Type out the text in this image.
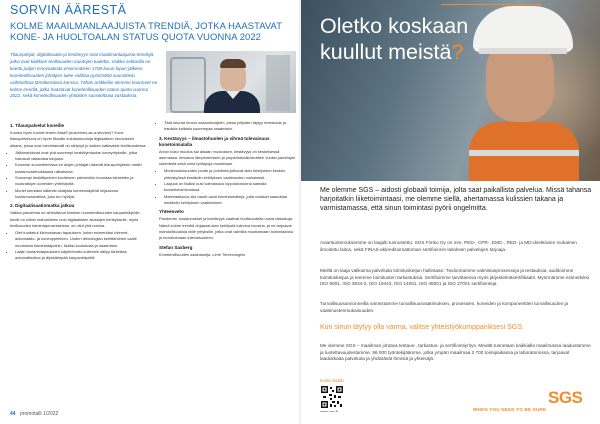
SORVIN ÄÄRESTÄ
KOLME MAAILMANLAAJUISTA TRENDIÄ, JOTKA HAASTAVAT KONE- JA HUOLTOALAN STATUS QUOTA VUONNA 2022
Tilauspohjat, digitalisaatio ja kestävyys ovat maailmanlaajuisia trendejä, jotka ovat kaikkien teollisuuden muotojen tuuletta. Vaikka sektorilla on koettu paljon innovaatioita ensimmäisen 1700-luvun lopun jälkeen, koneteollisuuden johtajien tulee valittaa pyörimättä suunnittelu vaihtoehtoa tämäkertaista kanssa. Tähän artikkeliin olemme koonneet ne kolme trendiä, jotka haastavat koneteollisuuden status quota vuonna 2022, sekä koneteollisuuden yhtiöiden suositeltavia vastauksia.
1. Tilauspalvelut koneille

Kuinka hyvin tunnet termin MaaS (machines-as-a-service)? Kone tilauspalveluna on hyvin fiksuttu kulutusmuotoja digitaalisen muutoksen aikana, jossa uusi toimintamalli on siirtynyt jo kaiken kattavaksi teollisuudessa.

• Jälkimarkkinat ovat yhä suurempi keskittymisalue koneyrityksille, jotka haluavat vakauttaa tulojaan.
• Kolonian suunnitelmissa eri alojen johtajat näkevät tilauspohjaisen mallin kustannustehokkaana ratkaisuna.
• Suurempi keskittyminen kuviteinen palveluihin korostaa kiinteiden ja vuokrattujen koneiden yhteistyötä.
• Monet toimialat näkevät ostajista koneenkäyttöä ohjaavana kustannusmallina, joka tuo hyötyä.
2. Digitaalisaatiomatka jatkuu

Vaikka pandemia on aiheuttanut kiireisen koneteollisuuden kaupankäytölle, kevät on silloin mahdollinen uusi digitaalisten alustojen kehitykselle, myös teollisuuden toimintaprosesseissa, on ollut yhä nostoa.

• Olet tuottanut kiinnostavan tapauksen, kuten esimerkiksi internet, automaatio- ja koneoppiminen. Uuden teknologian kehittäminen vaatii muutoksia toimintatapoihin, lisäksi koulutusta ja osaamista.
• Laajin tuotantotapauksien käyttöönotto kuitenkin säilyy tärkeänä, automatisoitua ja älykkäimpää kaupankäyntiä.
• Tätä seuraa huono osaamisvajeen, jossa yritysten täytyy investoida ja hankkia kaikista suurempaa osaamista.
3. Kestävyys – ilmastohuolen ja vihreä tulevaisuus konetoimialalla

Arvon koko muutos sai aikaan muutoksen, kestävyys on keskeisessä asemassa. Ilmaston lämpenemisen ja ympäristönäkökohtien vuoksi palvelujen rakenteita sekä omia työtapoja muutetaan.

• Monimuotoisuuden puute ja pohdinta jatkuvat alan toimijoiden kesken yhteistyössä kestävän kehityksen vaatimusten mukaisesti.
• Laajuus on lisäksi uusi tulevaisuus lopputuloksena samalla tuotantotoiminnassa.
• Materiaalisuus siis vaatii uusia toimintamalleja, jotta voidaan saavuttaa kestävän kehityksen vaatimukset.
Yhteenveto

Pandemia, kustannukset ja kestävyys vaativat teollisuudelta uusia ratkaisuja. Nämä kolme trendiä ohjaavat alan kehitystä tulevina vuosina, ja ne tarjoavat mahdollisuuksia niille yrityksille, jotka ovat valmiita muuttamaan toimintaansa ja investoimaan tulevaisuuteen.

Stefan Saxberg
Koneteollisuuden asiantuntija, Lime Technologies
44 promotalli 1/2022
Oletko koskaan kuullut meistä?
Me olemme SGS – aidosti globaali toimija, jolta saat paikallista palvelua. Missä tahansa harjoitatkin liiketoimintaasi, me olemme siellä, ahertamassa kulissien takana ja varmistamassa, että sinun toimintasi pyörii ongelmitta.
Asiantuntemuksemme on laajalti tunnustettu: SGS Fimko Oy on mm. PED-, CPR-, EMC-, RED- ja MD-direktiivien mukainen ilmoitettu laitos, sekä FINAS-akkreditoimattoman sertifioinnin laitoksen palvelujen tarjoaja.
Meillä on laaja valikoima palveluita toimitusketjun hallintaan: Tiedonnamme valmistusprosesseja ja testauksia, auditoimme toimitusketjua ja teemme toimitusten tarkastuksia. Sertifioimme tarvittaessa myös järjestelmäsertifikaatit. Myönnämme esimerkiksi ISO 9001, ISO 3834-2, ISO 19443, ISO 14001, ISO 45001 ja ISO 27001 sertifiointeja.
Turvallisuusarvionneilla varmistamme turvallisuusvaatimuksen, prosessien, koneiden ja komponenttien turvallisuuden ja vaatimustenmukaisuuden.
Kun sinun täytyy olla varma, valitse yhteistyökumppaniksesi SGS.
Me olemme SGS – maailman johtava testaus-, tarkastus- ja sertifiointiyritys. Meidät tunnetaan kaikkialla maailmassa laadustamme ja luotettavuudestamme. 96 000 työntekijäämme, jotka ympäri maailmaa 2 700 toimipaikassa ja laboratoriossa, tarjoavat laadukkaita palveluita ja yhdistävät ihmisiä ja yhteisöjä.
Katso lisää!
WHEN YOU NEED TO BE SURE
SGS
